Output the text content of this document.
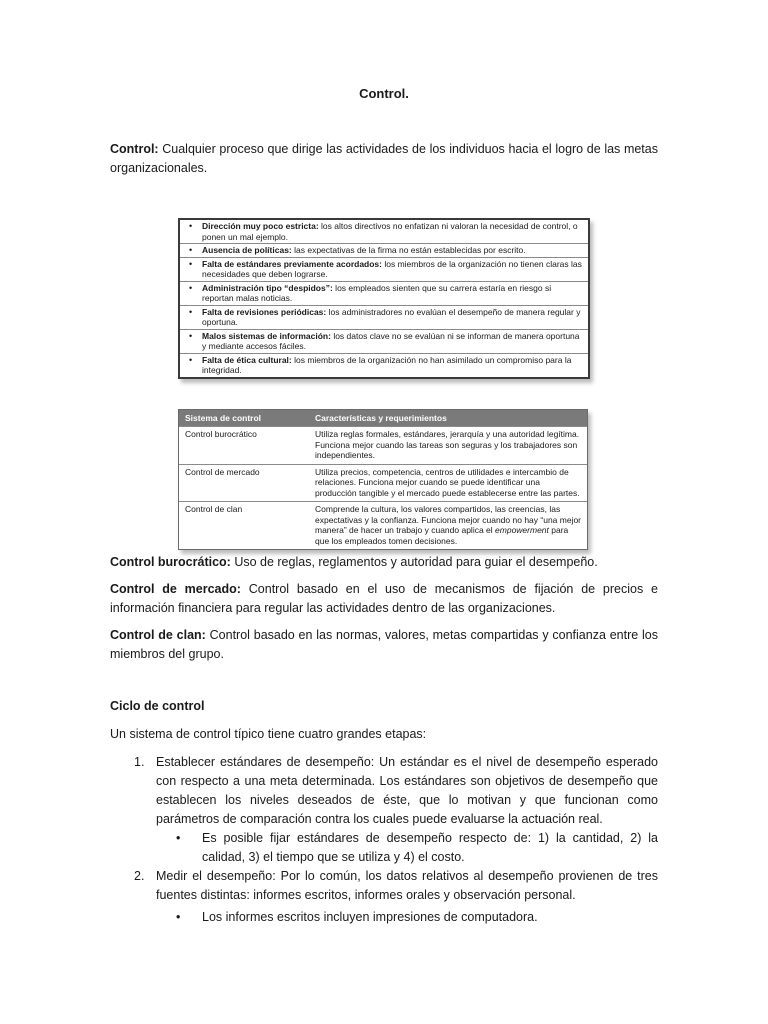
Control.
Control: Cualquier proceso que dirige las actividades de los individuos hacia el logro de las metas organizacionales.
• Dirección muy poco estricta: los altos directivos no enfatizan ni valoran la necesidad de control, o ponen un mal ejemplo.
• Ausencia de políticas: las expectativas de la firma no están establecidas por escrito.
• Falta de estándares previamente acordados: los miembros de la organización no tienen claras las necesidades que deben lograrse.
• Administración tipo “despidos”: los empleados sienten que su carrera estaría en riesgo si reportan malas noticias.
• Falta de revisiones periódicas: los administradores no evalúan el desempeño de manera regular y oportuna.
• Malos sistemas de información: los datos clave no se evalúan ni se informan de manera oportuna y mediante accesos fáciles.
• Falta de ética cultural: los miembros de la organización no han asimilado un compromiso para la integridad.
Sistema de control	Características y requerimientos
Control burocrático	Utiliza reglas formales, estándares, jerarquía y una autoridad legítima. Funciona mejor cuando las tareas son seguras y los trabajadores son independientes.
Control de mercado	Utiliza precios, competencia, centros de utilidades e intercambio de relaciones. Funciona mejor cuando se puede identificar una producción tangible y el mercado puede establecerse entre las partes.
Control de clan	Comprende la cultura, los valores compartidos, las creencias, las expectativas y la confianza. Funciona mejor cuando no hay “una mejor manera” de hacer un trabajo y cuando aplica el empowerment para que los empleados tomen decisiones.
Control burocrático: Uso de reglas, reglamentos y autoridad para guiar el desempeño.
Control de mercado: Control basado en el uso de mecanismos de fijación de precios e información financiera para regular las actividades dentro de las organizaciones.
Control de clan: Control basado en las normas, valores, metas compartidas y confianza entre los miembros del grupo.
Ciclo de control
Un sistema de control típico tiene cuatro grandes etapas:
1. Establecer estándares de desempeño: Un estándar es el nivel de desempeño esperado con respecto a una meta determinada. Los estándares son objetivos de desempeño que establecen los niveles deseados de éste, que lo motivan y que funcionan como parámetros de comparación contra los cuales puede evaluarse la actuación real.
• Es posible fijar estándares de desempeño respecto de: 1) la cantidad, 2) la calidad, 3) el tiempo que se utiliza y 4) el costo.
2. Medir el desempeño: Por lo común, los datos relativos al desempeño provienen de tres fuentes distintas: informes escritos, informes orales y observación personal.
• Los informes escritos incluyen impresiones de computadora.
